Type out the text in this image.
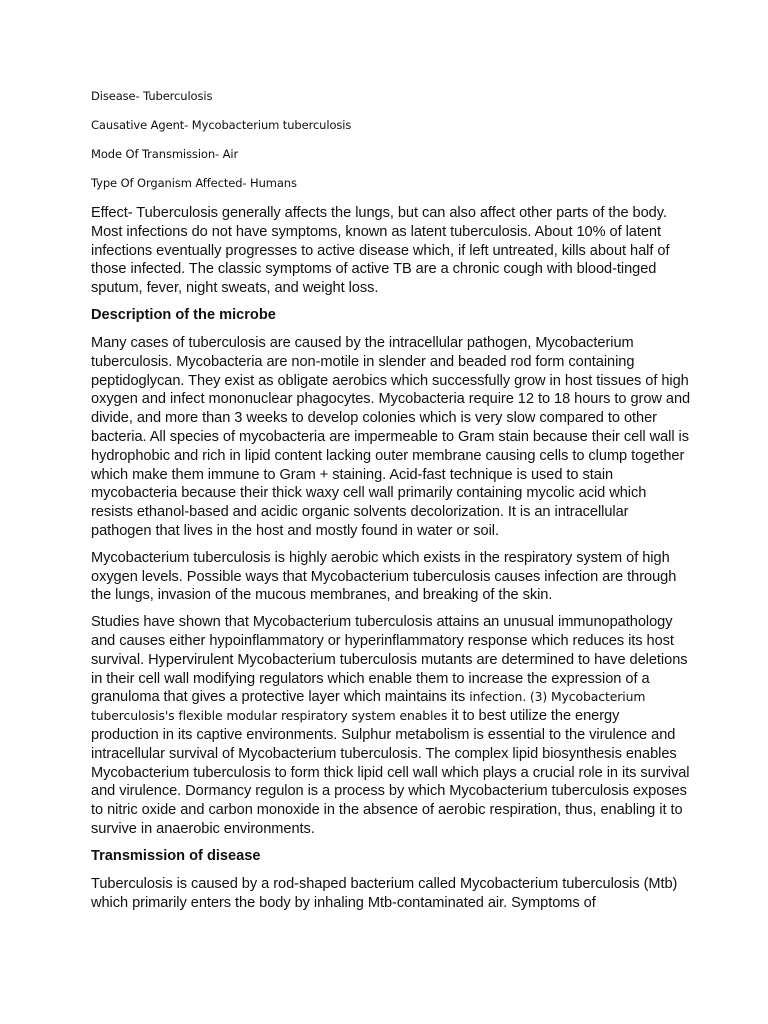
Disease- Tuberculosis
Causative Agent- Mycobacterium tuberculosis
Mode Of Transmission- Air
Type Of Organism Affected- Humans

Effect- Tuberculosis generally affects the lungs, but can also affect other parts of the body. Most infections do not have symptoms, known as latent tuberculosis. About 10% of latent infections eventually progresses to active disease which, if left untreated, kills about half of those infected. The classic symptoms of active TB are a chronic cough with blood-tinged sputum, fever, night sweats, and weight loss.

Description of the microbe

Many cases of tuberculosis are caused by the intracellular pathogen, Mycobacterium tuberculosis. Mycobacteria are non-motile in slender and beaded rod form containing peptidoglycan. They exist as obligate aerobics which successfully grow in host tissues of high oxygen and infect mononuclear phagocytes. Mycobacteria require 12 to 18 hours to grow and divide, and more than 3 weeks to develop colonies which is very slow compared to other bacteria. All species of mycobacteria are impermeable to Gram stain because their cell wall is hydrophobic and rich in lipid content lacking outer membrane causing cells to clump together which make them immune to Gram + staining. Acid-fast technique is used to stain mycobacteria because their thick waxy cell wall primarily containing mycolic acid which resists ethanol-based and acidic organic solvents decolorization. It is an intracellular pathogen that lives in the host and mostly found in water or soil.

Mycobacterium tuberculosis is highly aerobic which exists in the respiratory system of high oxygen levels. Possible ways that Mycobacterium tuberculosis causes infection are through the lungs, invasion of the mucous membranes, and breaking of the skin.

Studies have shown that Mycobacterium tuberculosis attains an unusual immunopathology and causes either hypoinflammatory or hyperinflammatory response which reduces its host survival. Hypervirulent Mycobacterium tuberculosis mutants are determined to have deletions in their cell wall modifying regulators which enable them to increase the expression of a granuloma that gives a protective layer which maintains its infection. (3) Mycobacterium tuberculosis's flexible modular respiratory system enables it to best utilize the energy production in its captive environments. Sulphur metabolism is essential to the virulence and intracellular survival of Mycobacterium tuberculosis. The complex lipid biosynthesis enables Mycobacterium tuberculosis to form thick lipid cell wall which plays a crucial role in its survival and virulence. Dormancy regulon is a process by which Mycobacterium tuberculosis exposes to nitric oxide and carbon monoxide in the absence of aerobic respiration, thus, enabling it to survive in anaerobic environments.

Transmission of disease

Tuberculosis is caused by a rod-shaped bacterium called Mycobacterium tuberculosis (Mtb) which primarily enters the body by inhaling Mtb-contaminated air. Symptoms of
